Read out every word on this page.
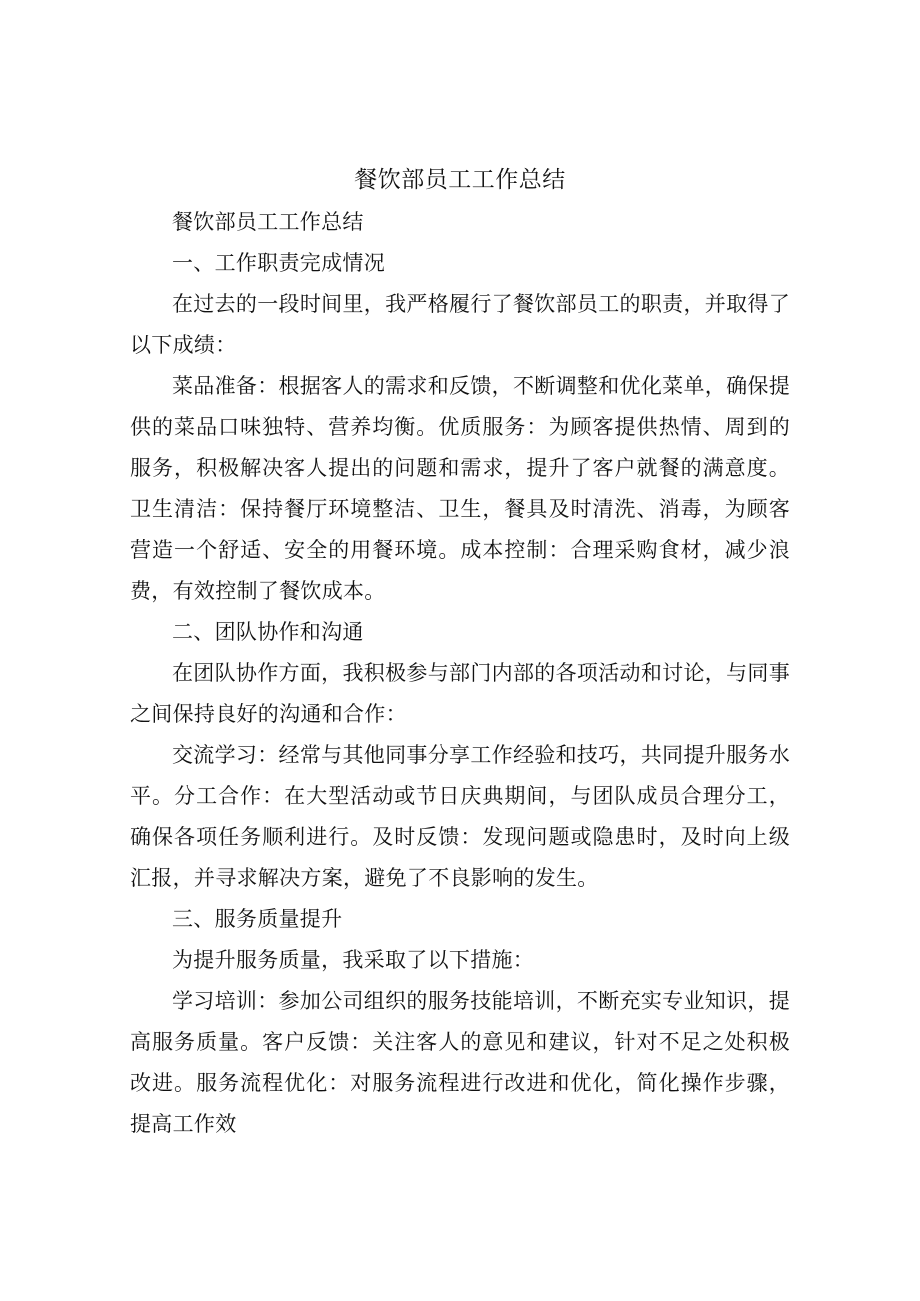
餐饮部员工工作总结

餐饮部员工工作总结

一、工作职责完成情况

在过去的一段时间里，我严格履行了餐饮部员工的职责，并取得了以下成绩：

菜品准备：根据客人的需求和反馈，不断调整和优化菜单，确保提供的菜品口味独特、营养均衡。优质服务：为顾客提供热情、周到的服务，积极解决客人提出的问题和需求，提升了客户就餐的满意度。卫生清洁：保持餐厅环境整洁、卫生，餐具及时清洗、消毒，为顾客营造一个舒适、安全的用餐环境。成本控制：合理采购食材，减少浪费，有效控制了餐饮成本。

二、团队协作和沟通

在团队协作方面，我积极参与部门内部的各项活动和讨论，与同事之间保持良好的沟通和合作：

交流学习：经常与其他同事分享工作经验和技巧，共同提升服务水平。分工合作：在大型活动或节日庆典期间，与团队成员合理分工，确保各项任务顺利进行。及时反馈：发现问题或隐患时，及时向上级汇报，并寻求解决方案，避免了不良影响的发生。

三、服务质量提升

为提升服务质量，我采取了以下措施：

学习培训：参加公司组织的服务技能培训，不断充实专业知识，提高服务质量。客户反馈：关注客人的意见和建议，针对不足之处积极改进。服务流程优化：对服务流程进行改进和优化，简化操作步骤，提高工作效
